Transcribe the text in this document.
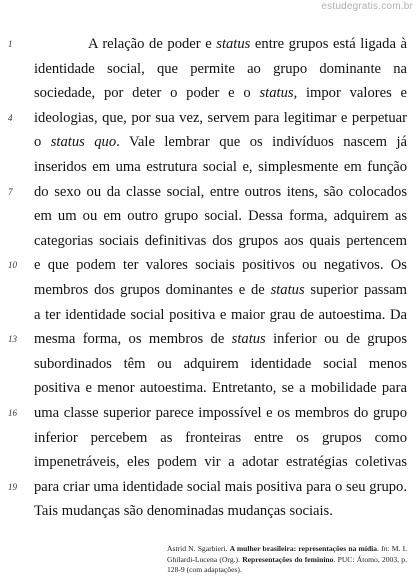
estudegratis.com.br
1	A relação de poder e status entre grupos está ligada à
identidade social, que permite ao grupo dominante na
sociedade, por deter o poder e o status, impor valores e
4	ideologias, que, por sua vez, servem para legitimar e perpetuar
o status quo. Vale lembrar que os indivíduos nascem já
inseridos em uma estrutura social e, simplesmente em função
7	do sexo ou da classe social, entre outros itens, são colocados
em um ou em outro grupo social. Dessa forma, adquirem as
categorias sociais definitivas dos grupos aos quais pertencem
10 e que podem ter valores sociais positivos ou negativos. Os
membros dos grupos dominantes e de status superior passam
a ter identidade social positiva e maior grau de autoestima. Da
13 mesma forma, os membros de status inferior ou de grupos
subordinados têm ou adquirem identidade social menos
positiva e menor autoestima. Entretanto, se a mobilidade para
16 uma classe superior parece impossível e os membros do grupo
inferior percebem as fronteiras entre os grupos como
impenetráveis, eles podem vir a adotar estratégias coletivas
19 para criar uma identidade social mais positiva para o seu grupo.
Tais mudanças são denominadas mudanças sociais.
Astrid N. Sgarbieri. A mulher brasileira: representações na mídia. In: M. I. Ghilardi-Lucena (Org.). Representações do feminino. PUC: Átomo, 2003, p. 128-9 (com adaptações).
